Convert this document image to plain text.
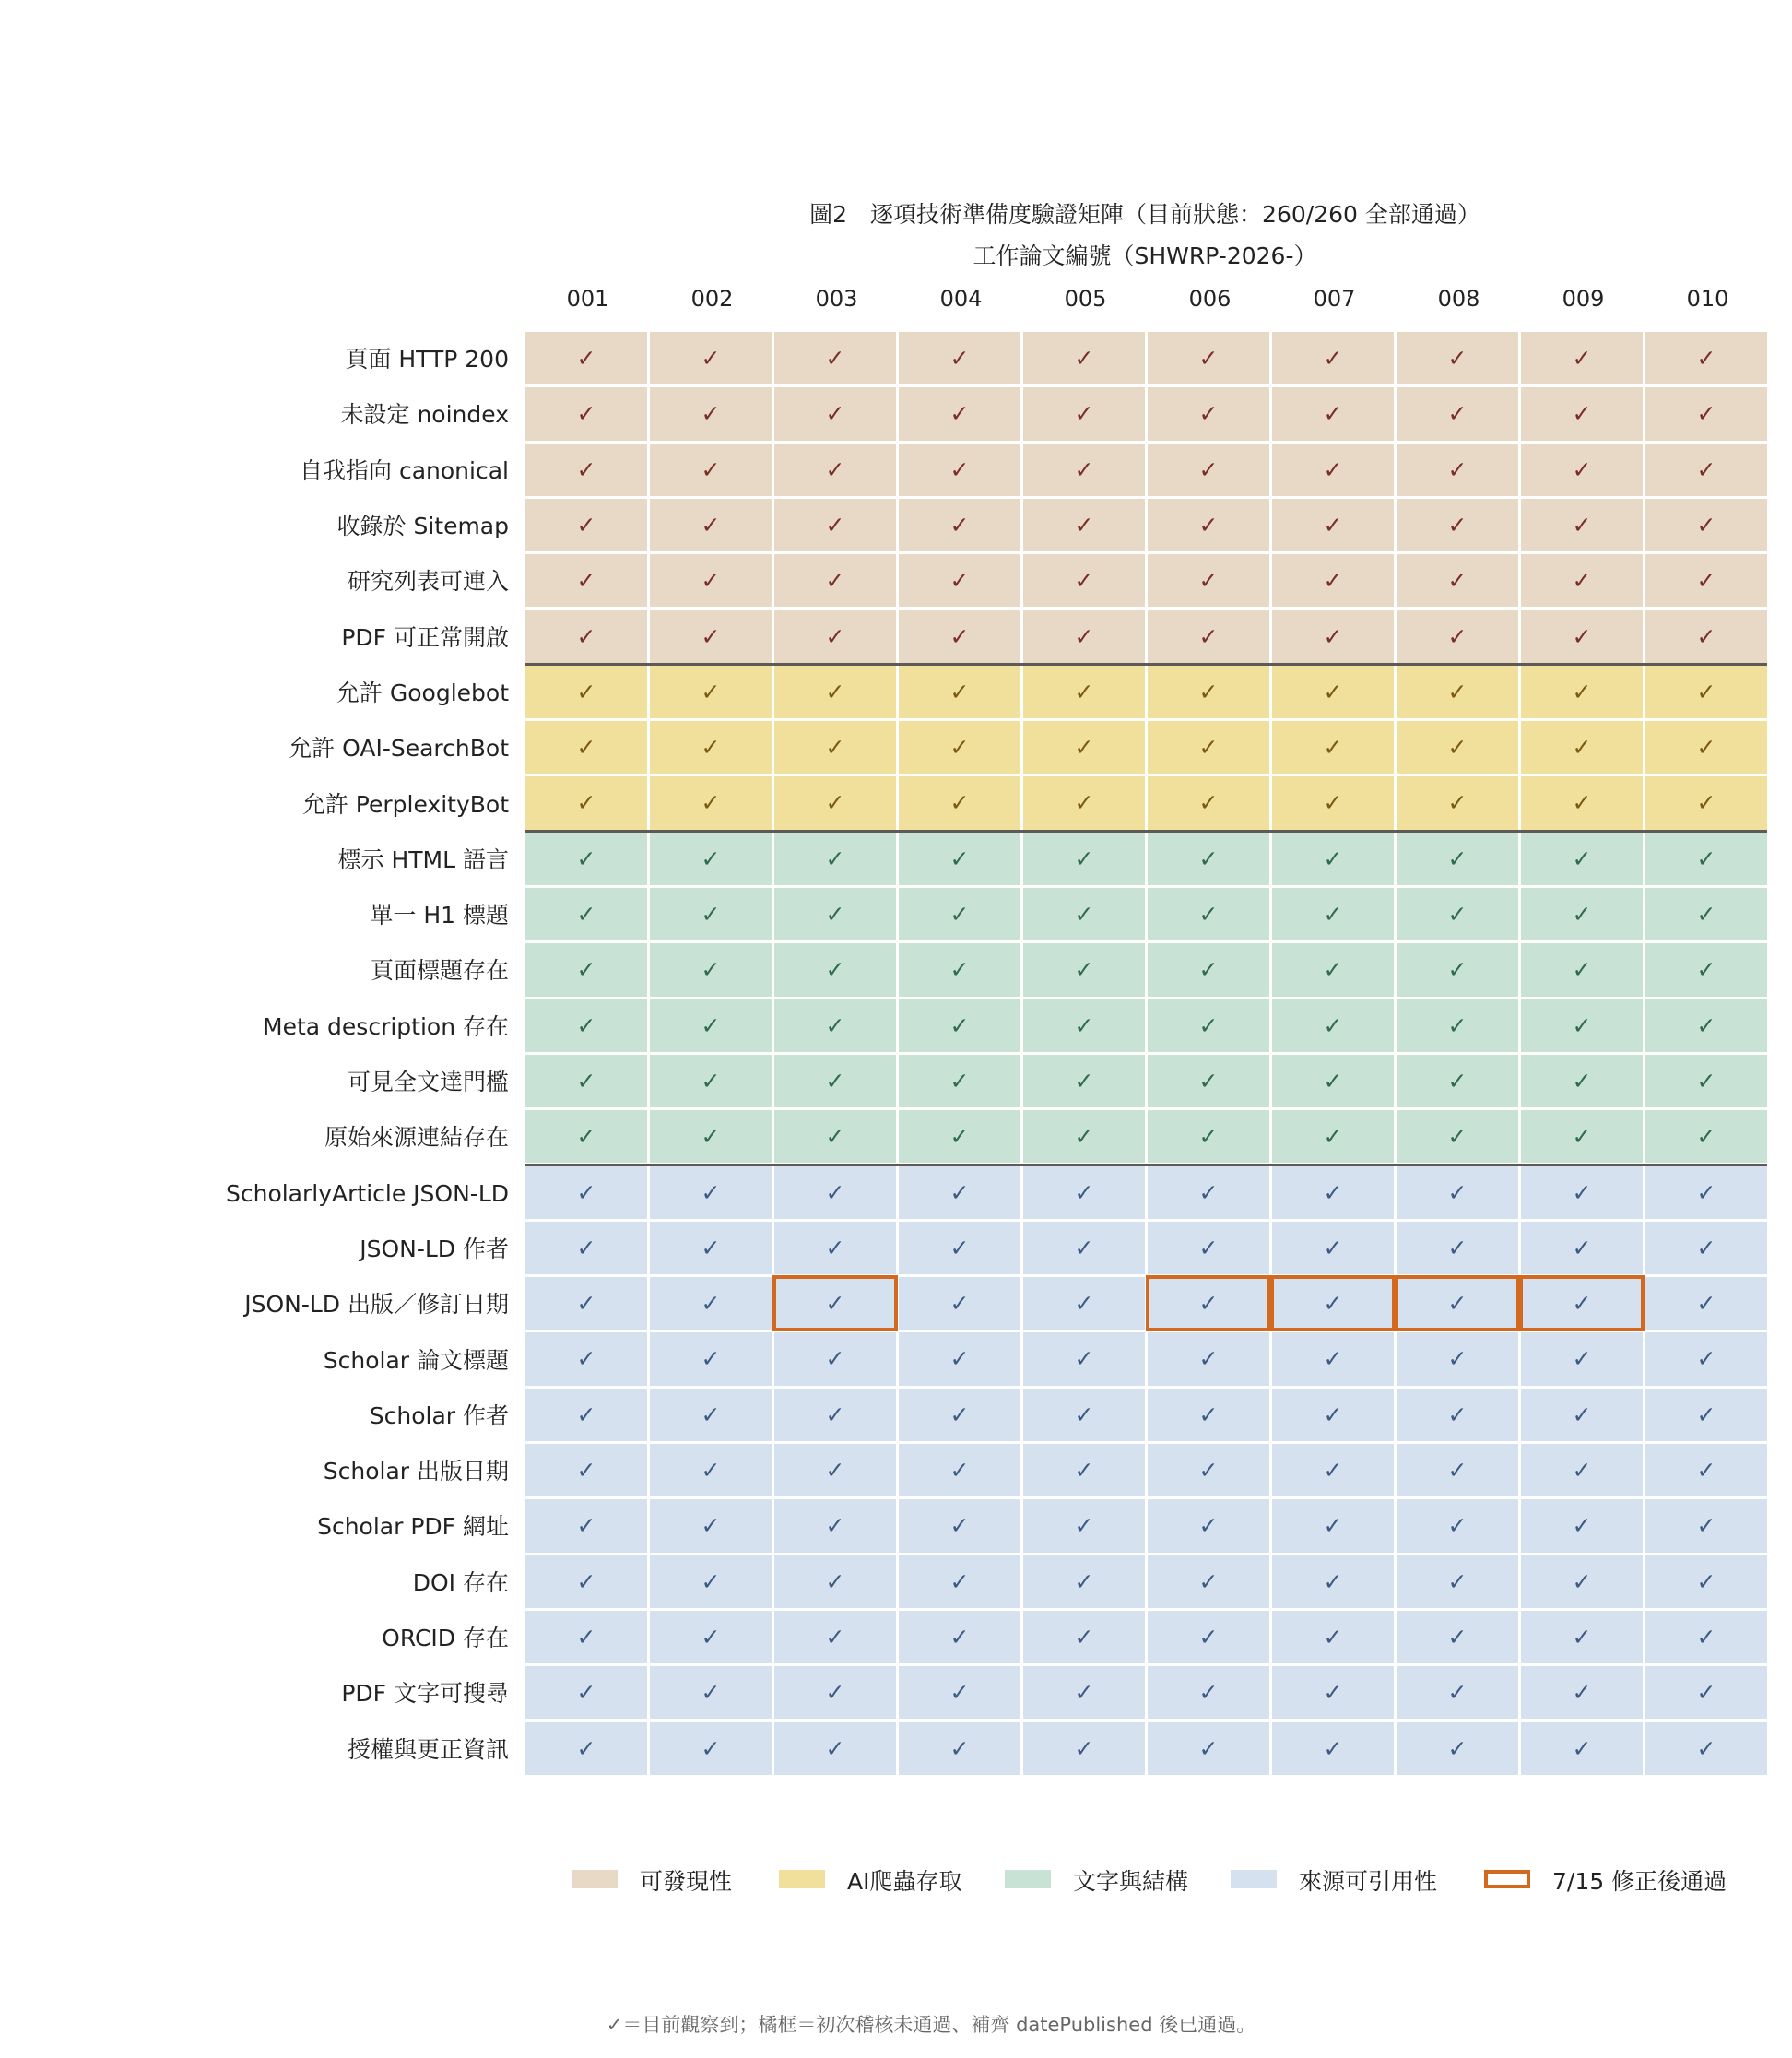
圖2　逐項技術準備度驗證矩陣（目前狀態：260/260 全部通過）
工作論文編號（SHWRP-2026-）
001	002	003	004	005	006	007	008	009	010
頁面 HTTP 200	✓	✓	✓	✓	✓	✓	✓	✓	✓	✓
未設定 noindex	✓	✓	✓	✓	✓	✓	✓	✓	✓	✓
自我指向 canonical	✓	✓	✓	✓	✓	✓	✓	✓	✓	✓
收錄於 Sitemap	✓	✓	✓	✓	✓	✓	✓	✓	✓	✓
研究列表可連入	✓	✓	✓	✓	✓	✓	✓	✓	✓	✓
PDF 可正常開啟	✓	✓	✓	✓	✓	✓	✓	✓	✓	✓
允許 Googlebot	✓	✓	✓	✓	✓	✓	✓	✓	✓	✓
允許 OAI-SearchBot	✓	✓	✓	✓	✓	✓	✓	✓	✓	✓
允許 PerplexityBot	✓	✓	✓	✓	✓	✓	✓	✓	✓	✓
標示 HTML 語言	✓	✓	✓	✓	✓	✓	✓	✓	✓	✓
單一 H1 標題	✓	✓	✓	✓	✓	✓	✓	✓	✓	✓
頁面標題存在	✓	✓	✓	✓	✓	✓	✓	✓	✓	✓
Meta description 存在	✓	✓	✓	✓	✓	✓	✓	✓	✓	✓
可見全文達門檻	✓	✓	✓	✓	✓	✓	✓	✓	✓	✓
原始來源連結存在	✓	✓	✓	✓	✓	✓	✓	✓	✓	✓
ScholarlyArticle JSON-LD	✓	✓	✓	✓	✓	✓	✓	✓	✓	✓
JSON-LD 作者	✓	✓	✓	✓	✓	✓	✓	✓	✓	✓
JSON-LD 出版／修訂日期	✓	✓	✓	✓	✓	✓	✓	✓	✓	✓
Scholar 論文標題	✓	✓	✓	✓	✓	✓	✓	✓	✓	✓
Scholar 作者	✓	✓	✓	✓	✓	✓	✓	✓	✓	✓
Scholar 出版日期	✓	✓	✓	✓	✓	✓	✓	✓	✓	✓
Scholar PDF 網址	✓	✓	✓	✓	✓	✓	✓	✓	✓	✓
DOI 存在	✓	✓	✓	✓	✓	✓	✓	✓	✓	✓
ORCID 存在	✓	✓	✓	✓	✓	✓	✓	✓	✓	✓
PDF 文字可搜尋	✓	✓	✓	✓	✓	✓	✓	✓	✓	✓
授權與更正資訊	✓	✓	✓	✓	✓	✓	✓	✓	✓	✓
可發現性	AI爬蟲存取	文字與結構	來源可引用性	7/15 修正後通過
✓＝目前觀察到；橘框＝初次稽核未通過、補齊 datePublished 後已通過。
